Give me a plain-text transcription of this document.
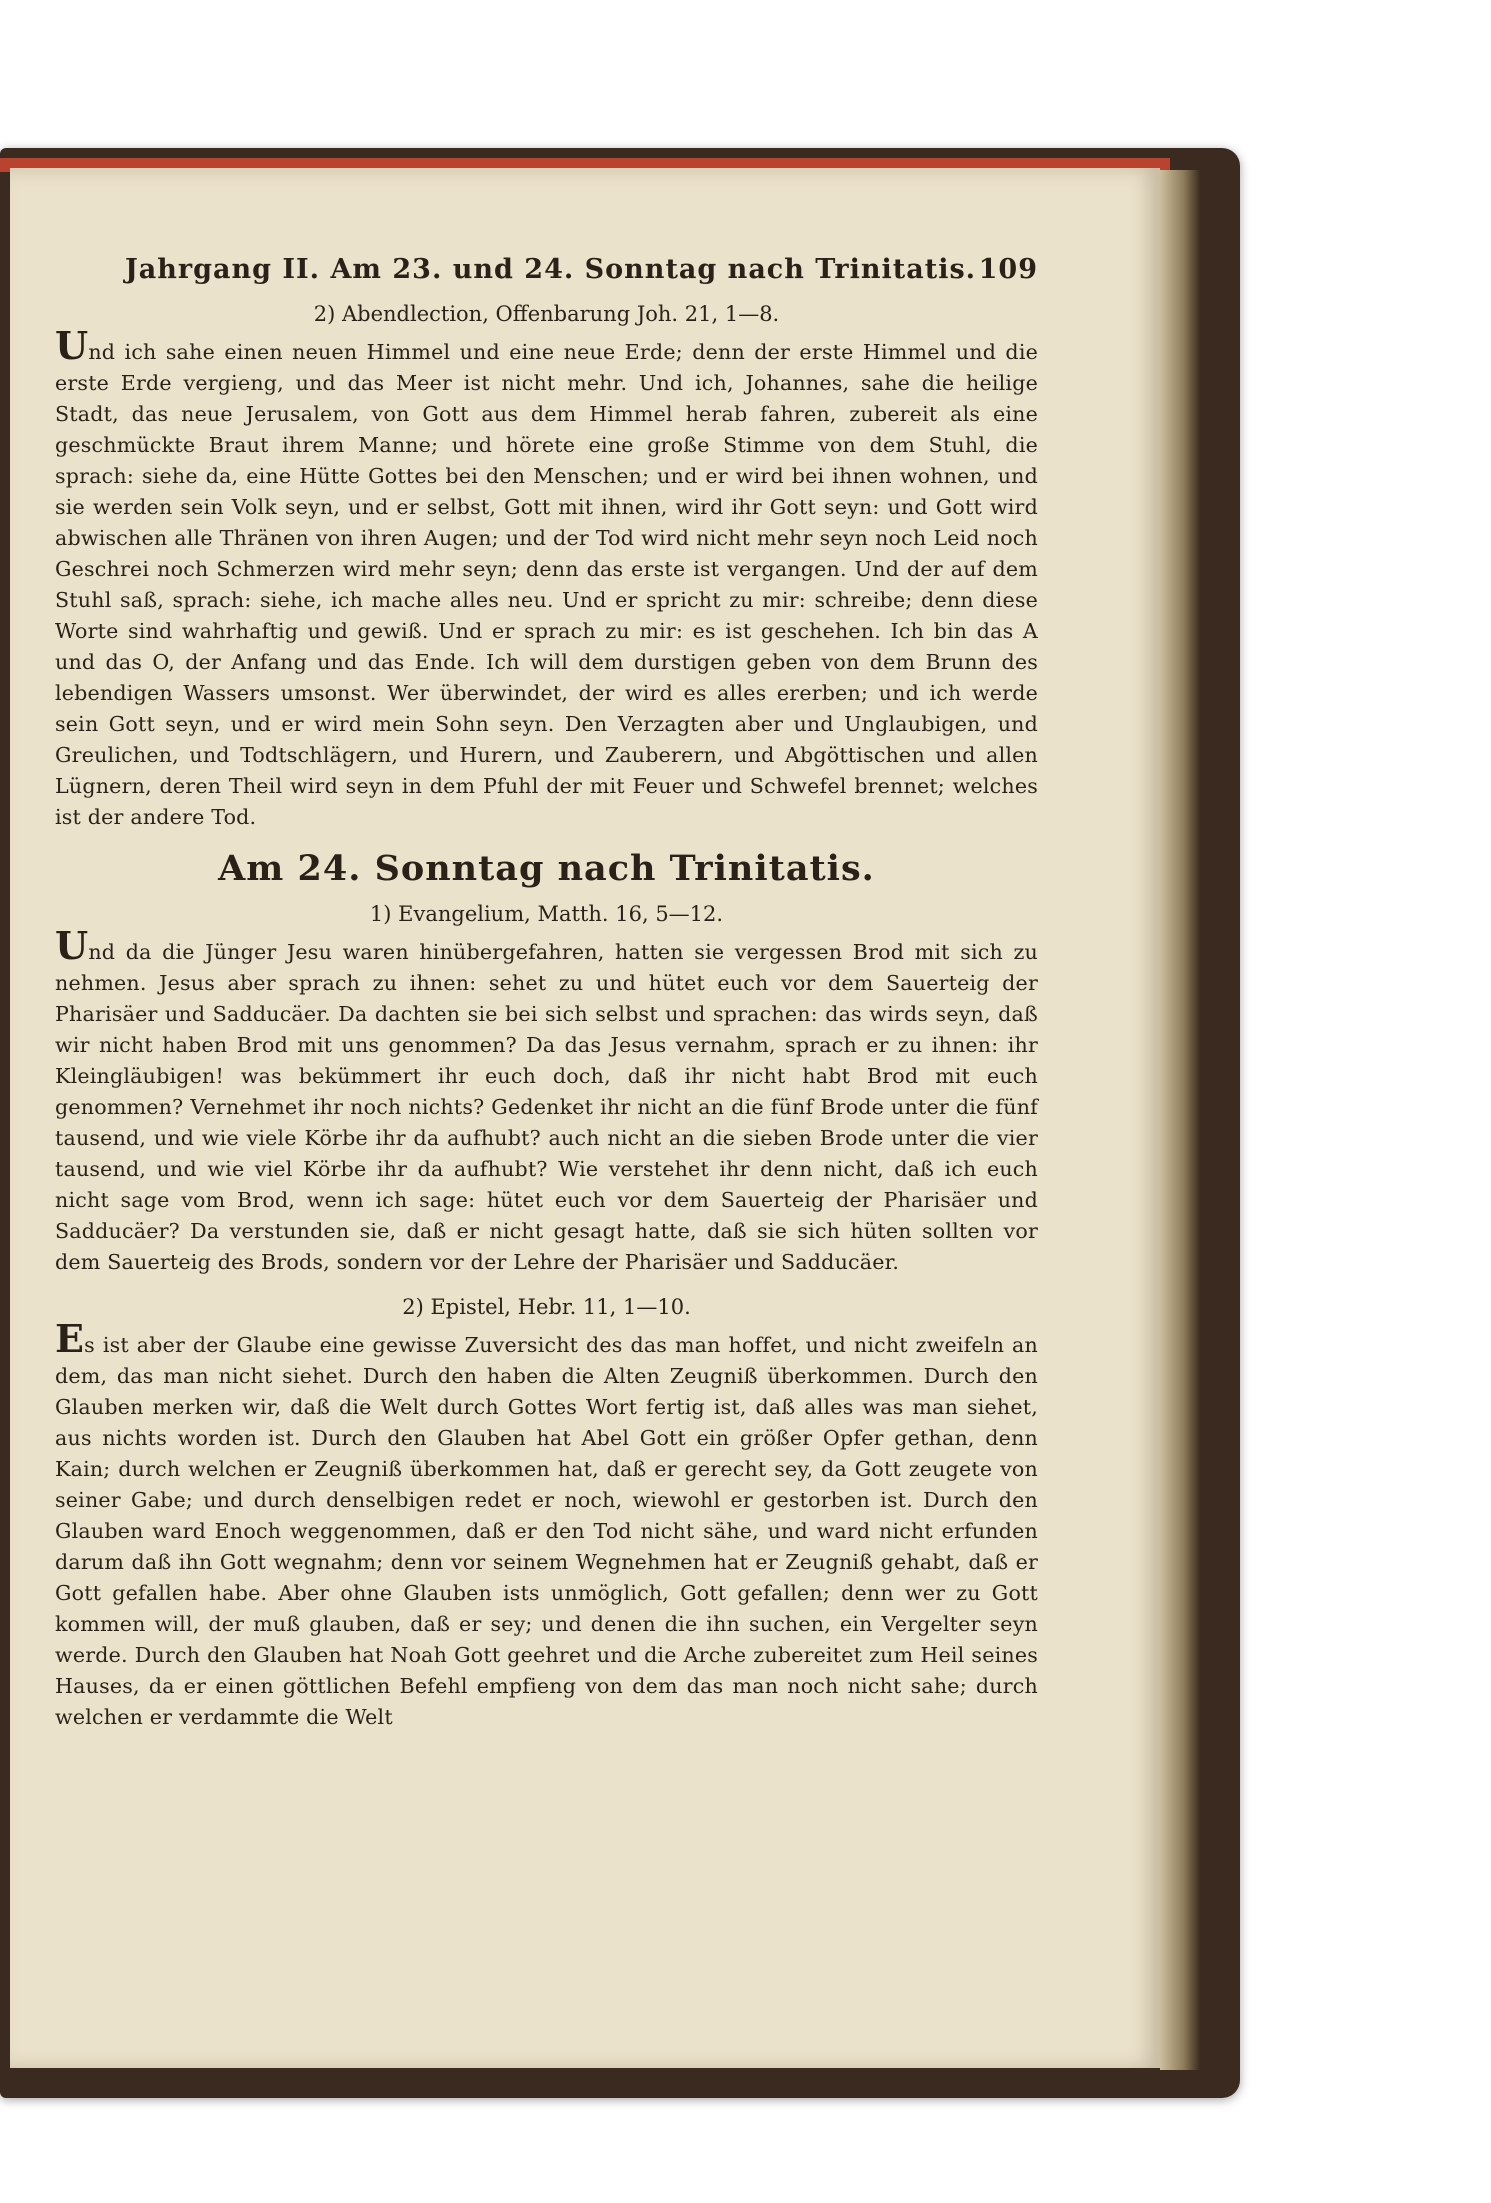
Jahrgang II. Am 23. und 24. Sonntag nach Trinitatis. 109
2) Abendlection, Offenbarung Joh. 21, 1—8.

Und ich sahe einen neuen Himmel und eine neue Erde; denn der erste Himmel und die erste Erde vergieng, und das Meer ist nicht mehr. Und ich, Johannes, sahe die heilige Stadt, das neue Jerusalem, von Gott aus dem Himmel herab fahren, zubereit als eine geschmückte Braut ihrem Manne; und hörete eine große Stimme von dem Stuhl, die sprach: siehe da, eine Hütte Gottes bei den Menschen; und er wird bei ihnen wohnen, und sie werden sein Volk seyn, und er selbst, Gott mit ihnen, wird ihr Gott seyn: und Gott wird abwischen alle Thränen von ihren Augen; und der Tod wird nicht mehr seyn noch Leid noch Geschrei noch Schmerzen wird mehr seyn; denn das erste ist vergangen. Und der auf dem Stuhl saß, sprach: siehe, ich mache alles neu. Und er spricht zu mir: schreibe; denn diese Worte sind wahrhaftig und gewiß. Und er sprach zu mir: es ist geschehen. Ich bin das A und das O, der Anfang und das Ende. Ich will dem durstigen geben von dem Brunn des lebendigen Wassers umsonst. Wer überwindet, der wird es alles ererben; und ich werde sein Gott seyn, und er wird mein Sohn seyn. Den Verzagten aber und Unglaubigen, und Greulichen, und Todtschlägern, und Hurern, und Zauberern, und Abgöttischen und allen Lügnern, deren Theil wird seyn in dem Pfuhl der mit Feuer und Schwefel brennet; welches ist der andere Tod.

Am 24. Sonntag nach Trinitatis.
1) Evangelium, Matth. 16, 5—12.

Und da die Jünger Jesu waren hinübergefahren, hatten sie vergessen Brod mit sich zu nehmen. Jesus aber sprach zu ihnen: sehet zu und hütet euch vor dem Sauerteig der Pharisäer und Sadducäer. Da dachten sie bei sich selbst und sprachen: das wirds seyn, daß wir nicht haben Brod mit uns genommen? Da das Jesus vernahm, sprach er zu ihnen: ihr Kleingläubigen! was bekümmert ihr euch doch, daß ihr nicht habt Brod mit euch genommen? Vernehmet ihr noch nichts? Gedenket ihr nicht an die fünf Brode unter die fünf tausend, und wie viele Körbe ihr da aufhubt? auch nicht an die sieben Brode unter die vier tausend, und wie viel Körbe ihr da aufhubt? Wie verstehet ihr denn nicht, daß ich euch nicht sage vom Brod, wenn ich sage: hütet euch vor dem Sauerteig der Pharisäer und Sadducäer? Da verstunden sie, daß er nicht gesagt hatte, daß sie sich hüten sollten vor dem Sauerteig des Brods, sondern vor der Lehre der Pharisäer und Sadducäer.

2) Epistel, Hebr. 11, 1—10.

Es ist aber der Glaube eine gewisse Zuversicht des das man hoffet, und nicht zweifeln an dem, das man nicht siehet. Durch den haben die Alten Zeugniß überkommen. Durch den Glauben merken wir, daß die Welt durch Gottes Wort fertig ist, daß alles was man siehet, aus nichts worden ist. Durch den Glauben hat Abel Gott ein größer Opfer gethan, denn Kain; durch welchen er Zeugniß überkommen hat, daß er gerecht sey, da Gott zeugete von seiner Gabe; und durch denselbigen redet er noch, wiewohl er gestorben ist. Durch den Glauben ward Enoch weggenommen, daß er den Tod nicht sähe, und ward nicht erfunden darum daß ihn Gott wegnahm; denn vor seinem Wegnehmen hat er Zeugniß gehabt, daß er Gott gefallen habe. Aber ohne Glauben ists unmöglich, Gott gefallen; denn wer zu Gott kommen will, der muß glauben, daß er sey; und denen die ihn suchen, ein Vergelter seyn werde. Durch den Glauben hat Noah Gott geehret und die Arche zubereitet zum Heil seines Hauses, da er einen göttlichen Befehl empfieng von dem das man noch nicht sahe; durch welchen er verdammte die Welt
